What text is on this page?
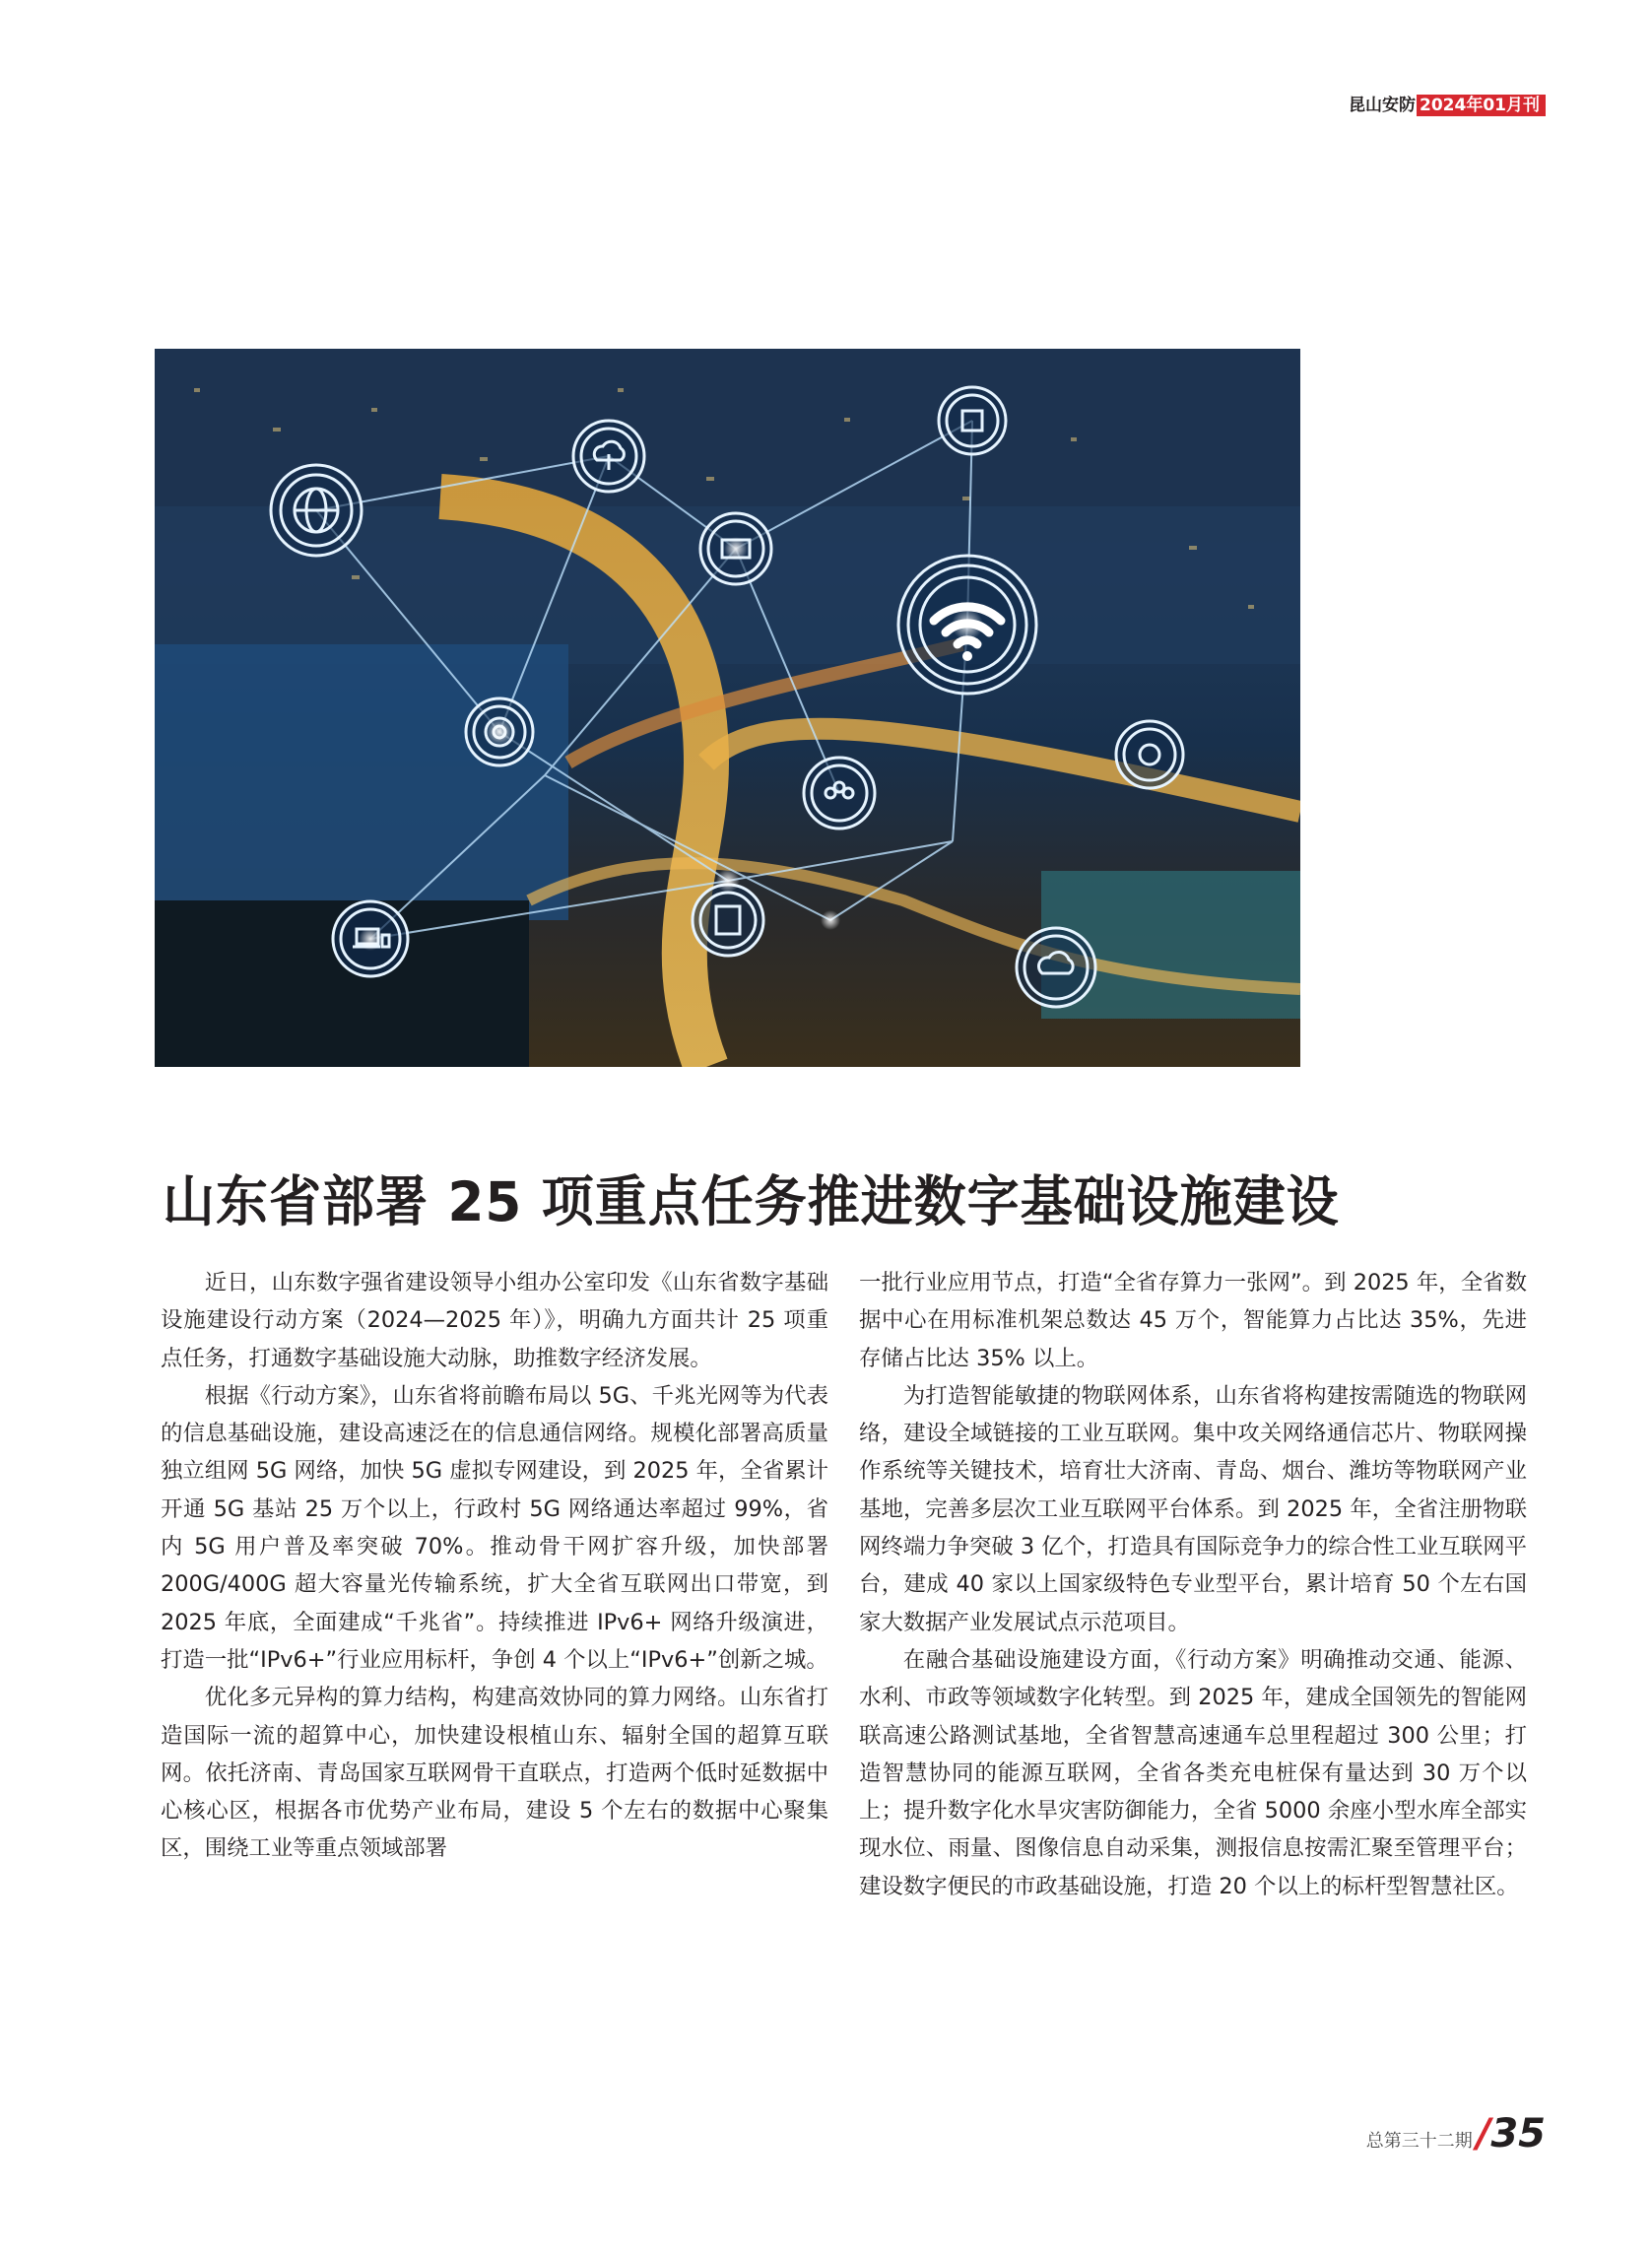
昆山安防 2024年01月刊
山东省部署 25 项重点任务推进数字基础设施建设

近日，山东数字强省建设领导小组办公室印发《山东省数字基础设施建设行动方案（2024—2025 年）》，明确九方面共计 25 项重点任务，打通数字基础设施大动脉，助推数字经济发展。

根据《行动方案》，山东省将前瞻布局以 5G、千兆光网等为代表的信息基础设施，建设高速泛在的信息通信网络。规模化部署高质量独立组网 5G 网络，加快 5G 虚拟专网建设，到 2025 年，全省累计开通 5G 基站 25 万个以上，行政村 5G 网络通达率超过 99%，省内 5G 用户普及率突破 70%。推动骨干网扩容升级，加快部署 200G/400G 超大容量光传输系统，扩大全省互联网出口带宽，到 2025 年底，全面建成“千兆省”。持续推进 IPv6+ 网络升级演进，打造一批“IPv6+”行业应用标杆，争创 4 个以上“IPv6+”创新之城。

优化多元异构的算力结构，构建高效协同的算力网络。山东省打造国际一流的超算中心，加快建设根植山东、辐射全国的超算互联网。依托济南、青岛国家互联网骨干直联点，打造两个低时延数据中心核心区，根据各市优势产业布局，建设 5 个左右的数据中心聚集区，围绕工业等重点领域部署

一批行业应用节点，打造“全省存算力一张网”。到 2025 年，全省数据中心在用标准机架总数达 45 万个，智能算力占比达 35%，先进存储占比达 35% 以上。

为打造智能敏捷的物联网体系，山东省将构建按需随选的物联网络，建设全域链接的工业互联网。集中攻关网络通信芯片、物联网操作系统等关键技术，培育壮大济南、青岛、烟台、潍坊等物联网产业基地，完善多层次工业互联网平台体系。到 2025 年，全省注册物联网终端力争突破 3 亿个，打造具有国际竞争力的综合性工业互联网平台，建成 40 家以上国家级特色专业型平台，累计培育 50 个左右国家大数据产业发展试点示范项目。

在融合基础设施建设方面，《行动方案》明确推动交通、能源、水利、市政等领域数字化转型。到 2025 年，建成全国领先的智能网联高速公路测试基地，全省智慧高速通车总里程超过 300 公里；打造智慧协同的能源互联网，全省各类充电桩保有量达到 30 万个以上；提升数字化水旱灾害防御能力，全省 5000 余座小型水库全部实现水位、雨量、图像信息自动采集，测报信息按需汇聚至管理平台；建设数字便民的市政基础设施，打造 20 个以上的标杆型智慧社区。

总第三十二期 / 35
